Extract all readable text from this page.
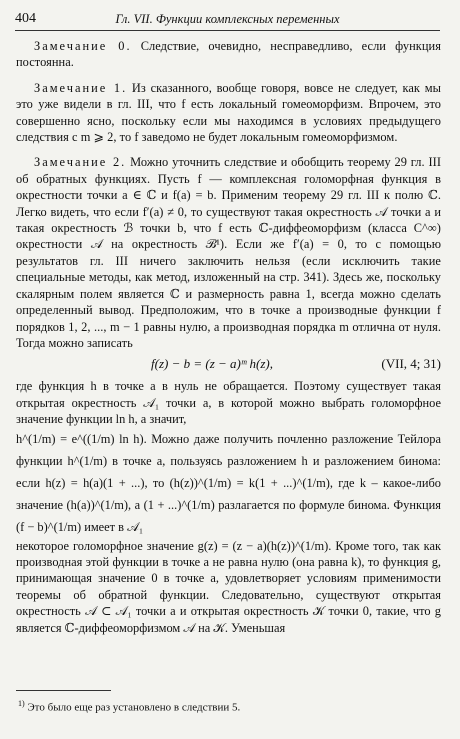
404	Гл. VII. Функции комплексных переменных

Замечание 0. Следствие, очевидно, несправедливо, если функция постоянна.

Замечание 1. Из сказанного, вообще говоря, вовсе не следует, как мы это уже видели в гл. III, что f есть локальный гомеоморфизм. Впрочем, это совершенно ясно, поскольку если мы находимся в условиях предыдущего следствия с m ⩾ 2, то f заведомо не будет локальным гомеоморфизмом.

Замечание 2. Можно уточнить следствие и обобщить теорему 29 гл. III об обратных функциях. Пусть f — комплексная голоморфная функция в окрестности точки a ∈ ℂ и f(a) = b. Применим теорему 29 гл. III к полю ℂ. Легко видеть, что если f′(a) ≠ 0, то существуют такая окрестность 𝒜 точки a и такая окрестность ℬ точки b, что f есть ℂ-диффеоморфизм (класса C^∞) окрестности 𝒜 на окрестность ℬ¹). Если же f′(a) = 0, то с помощью результатов гл. III ничего заключить нельзя (если исключить такие специальные методы, как метод, изложенный на стр. 341). Здесь же, поскольку скалярным полем является ℂ и размерность равна 1, всегда можно сделать определенный вывод. Предположим, что в точке a производные функции f порядков 1, 2, ..., m − 1 равны нулю, а производная порядка m отлична от нуля. Тогда можно записать

f(z) − b = (z − a)ᵐ h(z),	(VII, 4; 31)

где функция h в точке a в нуль не обращается. Поэтому существует такая открытая окрестность 𝒜₁ точки a, в которой можно выбрать голоморфное значение функции ln h, а значит,

h^(1/m) = e^((1/m) ln h). Можно даже получить почленно разложение Тейлора функции h^(1/m) в точке a, пользуясь разложением h и разложением бинома: если h(z) = h(a)(1 + ...), то (h(z))^(1/m) = k(1 + ...)^(1/m), где k – какое-либо значение (h(a))^(1/m), а (1 + ...)^(1/m) разлагается по формуле бинома. Функция (f − b)^(1/m) имеет в 𝒜₁

некоторое голоморфное значение g(z) = (z − a)(h(z))^(1/m). Кроме того, так как производная этой функции в точке a не равна нулю (она равна k), то функция g, принимающая значение 0 в точке a, удовлетворяет условиям применимости теоремы об обратной функции. Следовательно, существуют открытая окрестность 𝒜 ⊂ 𝒜₁ точки a и открытая окрестность 𝒦 точки 0, такие, что g является ℂ-диффеоморфизмом 𝒜 на 𝒦. Уменьшая

$^{1)}$ Это было еще раз установлено в следствии 5.
